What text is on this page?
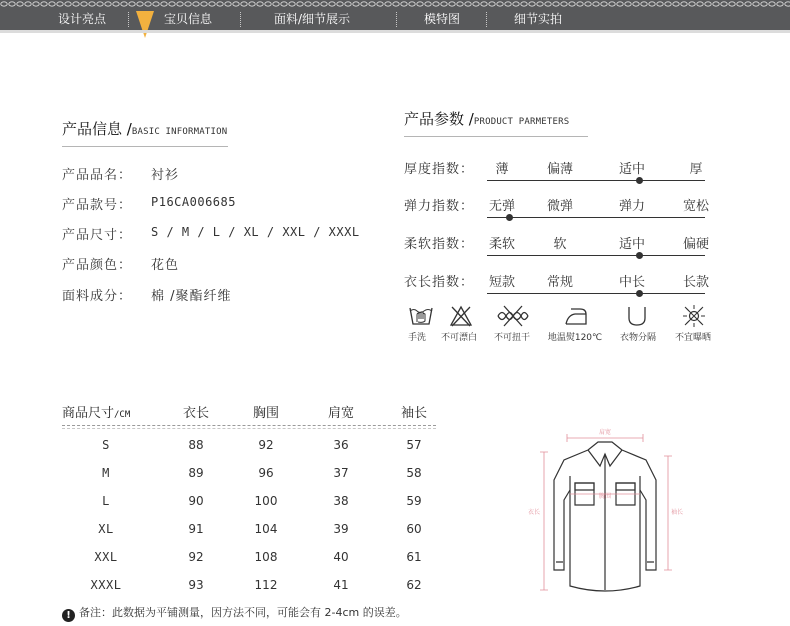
设计亮点	宝贝信息	面料/细节展示	模特图	细节实拍
产品信息 /BASIC INFORMATION
产品品名： 衬衫
产品款号： P16CA006685
产品尺寸： S / M / L / XL / XXL / XXXL
产品颜色： 花色
面料成分： 棉 /聚酯纤维
产品参数 /PRODUCT PARMETERS
厚度指数： 薄	偏薄	适中	厚
弹力指数： 无弹 微弹	弹力	宽松
柔软指数： 柔软	软	适中	偏硬
衣长指数： 短款 常规	中长	长款
手洗 不可漂白 不可扭干 地温熨120℃ 衣物分隔 不宜曝晒
商品尺寸/CM	衣长	胸围	肩宽	袖长
S	88	92	36	57
M	89	96	37	58
L	90	100	38	59
XL	91	104	39	60
XXL	92	108	40	61
XXXL	93	112	41	62
! 备注：此数据为平铺测量，因方法不同，可能会有 2-4cm 的误差。
肩宽
胸围
衣长	袖长
